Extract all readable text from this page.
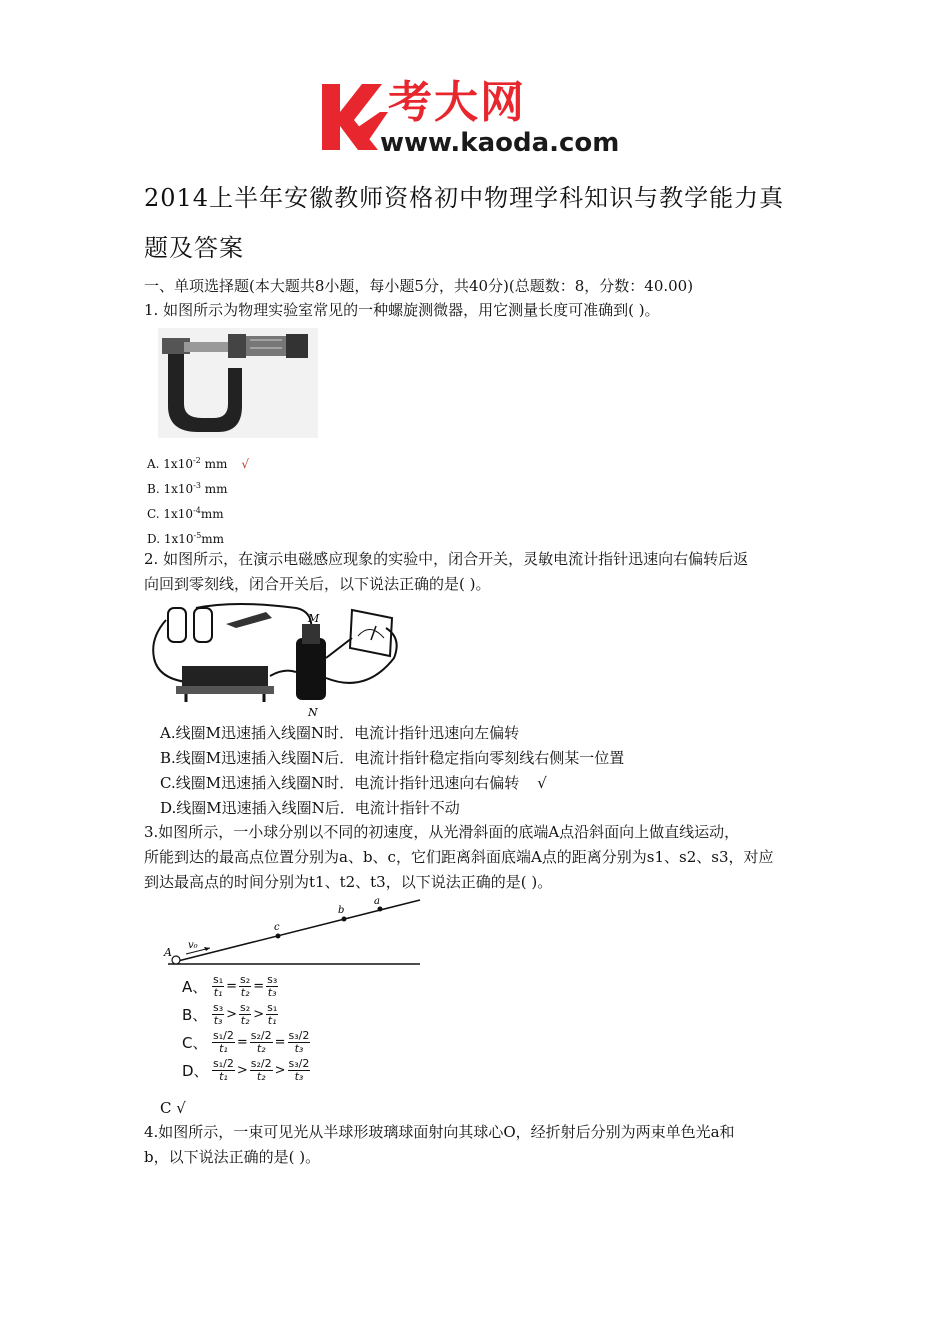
考大网
www.kaoda.com
2014上半年安徽教师资格初中物理学科知识与教学能力真
题及答案
一、单项选择题(本大题共8小题，每小题5分，共40分)(总题数：8，分数：40.00)
1. 如图所示为物理实验室常见的一种螺旋测微器，用它测量长度可准确到( )。
A. $1x10^{-2}$ mm √
B. $1x10^{-3}$ mm
C. $1x10^{-4}mm$
D. $1x10^{-5}mm$
2. 如图所示，在演示电磁感应现象的实验中，闭合开关，灵敏电流计指针迅速向右偏转后返
向回到零刻线，闭合开关后，以下说法正确的是( )。
M
N
A.线圈M迅速插入线圈N时．电流计指针迅速向左偏转
B.线圈M迅速插入线圈N后．电流计指针稳定指向零刻线右侧某一位置
C.线圈M迅速插入线圈N时．电流计指针迅速向右偏转 √
D.线圈M迅速插入线圈N后．电流计指针不动
3.如图所示，一小球分别以不同的初速度，从光滑斜面的底端A点沿斜面向上做直线运动，
所能到达的最高点位置分别为a、b、c，它们距离斜面底端A点的距离分别为s1、s2、s3，对应
到达最高点的时间分别为t1、t2、t3，以下说法正确的是( )。
A
v₀
c
b
a
A、 $\frac{\text{s₁}}{\text{t₁}} = \frac{\text{s₂}}{\text{t₂}} = \frac{\text{s₃}}{\text{t₃}}$
B、 $\frac{\text{s₃}}{\text{t₃}} > \frac{\text{s₂}}{\text{t₂}} > \frac{\text{s₁}}{\text{t₁}}$
C、 $\frac{\text{s₁/2}}{\text{t₁}} = \frac{\text{s₂/2}}{\text{t₂}} = \frac{\text{s₃/2}}{\text{t₃}}$
D、 $\frac{\text{s₁/2}}{\text{t₁}} > \frac{\text{s₂/2}}{\text{t₂}} > \frac{\text{s₃/2}}{\text{t₃}}$
C √
4.如图所示，一束可见光从半球形玻璃球面射向其球心O，经折射后分别为两束单色光a和
b，以下说法正确的是( )。
